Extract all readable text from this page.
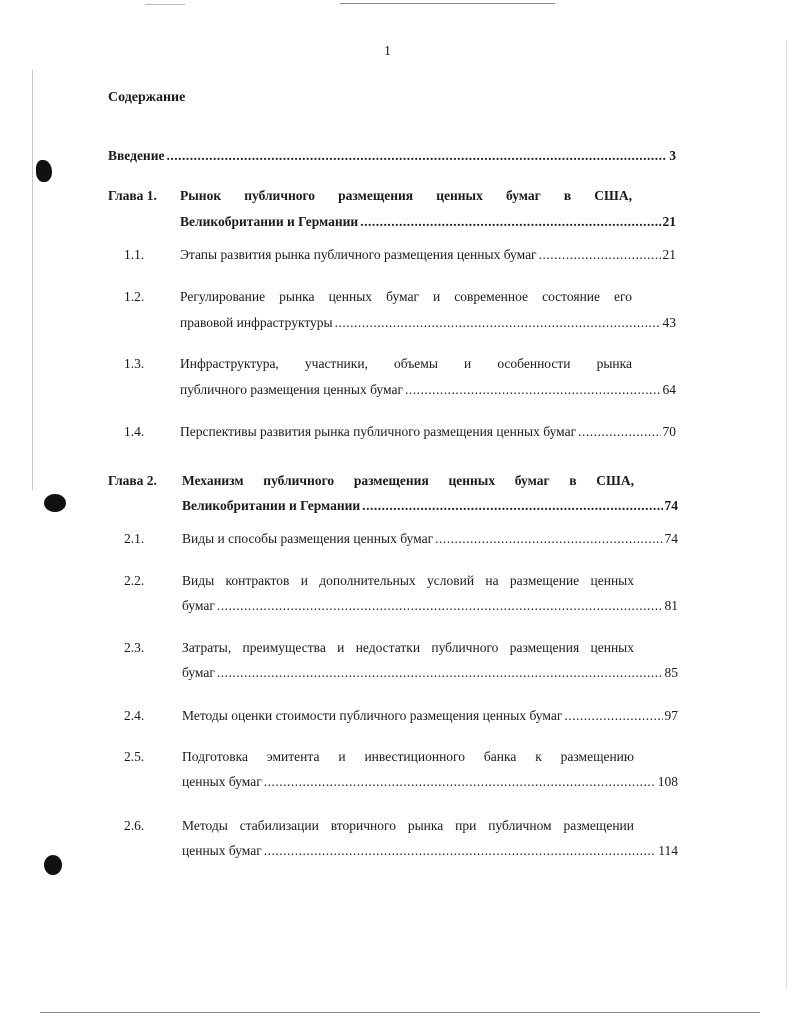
1
Содержание
Введение .....	3
Глава 1. Рынок публичного размещения ценных бумаг в США,
Великобритании и Германии .....	21
1.1.	Этапы развития рынка публичного размещения ценных бумаг .....	21
1.2.	Регулирование рынка ценных бумаг и современное состояние его
правовой инфраструктуры .....	43
1.3.	Инфраструктура, участники, объемы и особенности рынка
публичного размещения ценных бумаг .....	64
1.4.	Перспективы развития рынка публичного размещения ценных бумаг .....	70
Глава 2. Механизм публичного размещения ценных бумаг в США,
Великобритании и Германии .....	74
2.1.	Виды и способы размещения ценных бумаг .....	74
2.2.	Виды контрактов и дополнительных условий на размещение ценных
бумаг .....	81
2.3.	Затраты, преимущества и недостатки публичного размещения ценных
бумаг .....	85
2.4.	Методы оценки стоимости публичного размещения ценных бумаг .....	97
2.5.	Подготовка эмитента и инвестиционного банка к размещению
ценных бумаг .....	108
2.6.	Методы стабилизации вторичного рынка при публичном размещении
ценных бумаг .....	114
